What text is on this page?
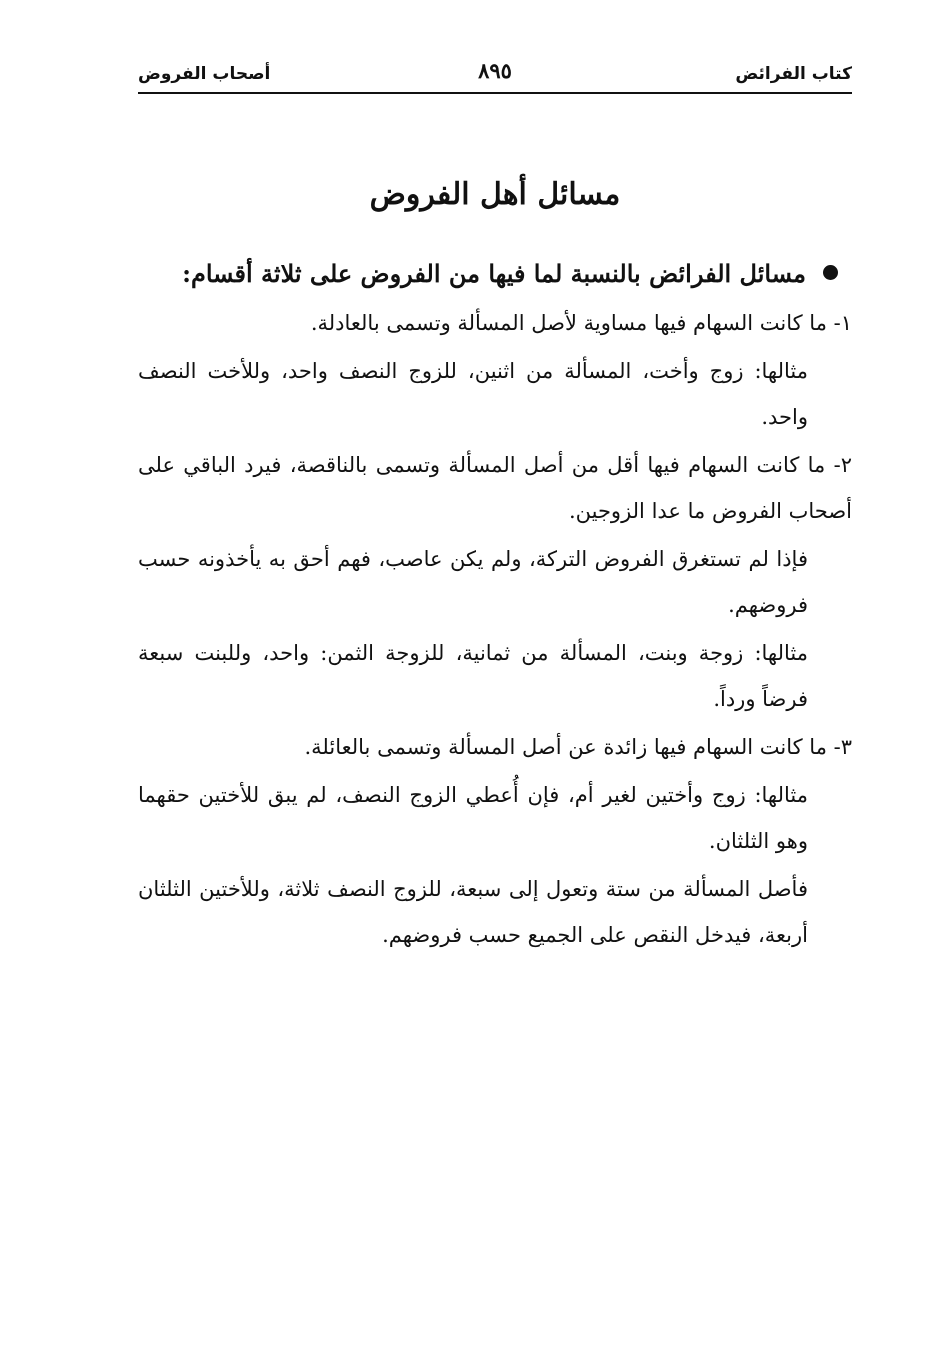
كتاب الفرائض
٨٩٥
أصحاب الفروض
مسائل أهل الفروض

مسائل الفرائض بالنسبة لما فيها من الفروض على ثلاثة أقسام:

١- ما كانت السهام فيها مساوية لأصل المسألة وتسمى بالعادلة.

مثالها: زوج وأخت، المسألة من اثنين، للزوج النصف واحد، وللأخت النصف واحد.

٢- ما كانت السهام فيها أقل من أصل المسألة وتسمى بالناقصة، فيرد الباقي على أصحاب الفروض ما عدا الزوجين.

فإذا لم تستغرق الفروض التركة، ولم يكن عاصب، فهم أحق به يأخذونه حسب فروضهم.

مثالها: زوجة وبنت، المسألة من ثمانية، للزوجة الثمن: واحد، وللبنت سبعة فرضاً ورداً.

٣- ما كانت السهام فيها زائدة عن أصل المسألة وتسمى بالعائلة.

مثالها: زوج وأختين لغير أم، فإن أُعطي الزوج النصف، لم يبق للأختين حقهما وهو الثلثان.

فأصل المسألة من ستة وتعول إلى سبعة، للزوج النصف ثلاثة، وللأختين الثلثان أربعة، فيدخل النقص على الجميع حسب فروضهم.
